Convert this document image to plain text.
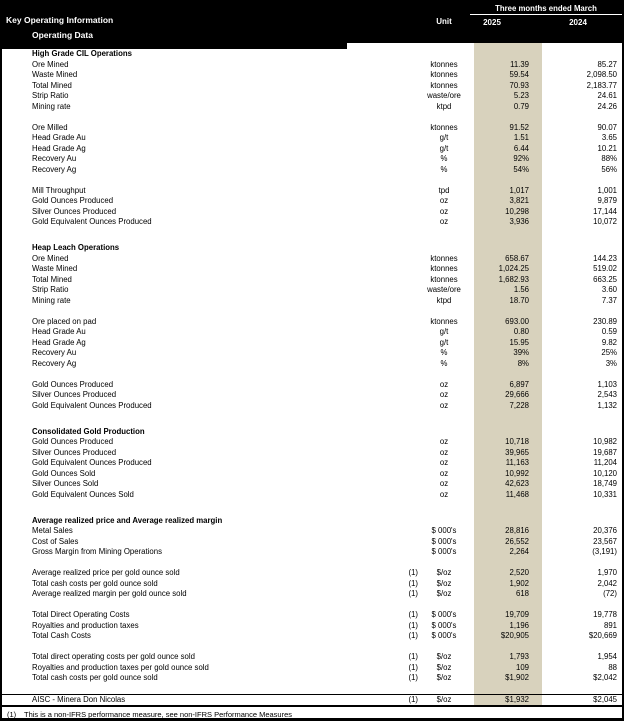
Key Operating Information
Three months ended March
Unit	2025	2024
Operating Data
High Grade CIL Operations
Ore Mined	ktonnes	11.39	85.27
Waste Mined	ktonnes	59.54	2,098.50
Total Mined	ktonnes	70.93	2,183.77
Strip Ratio	waste/ore	5.23	24.61
Mining rate	ktpd	0.79	24.26
Ore Milled	ktonnes	91.52	90.07
Head Grade Au	g/t	1.51	3.65
Head Grade Ag	g/t	6.44	10.21
Recovery Au	%	92%	88%
Recovery Ag	%	54%	56%
Mill Throughput	tpd	1,017	1,001
Gold Ounces Produced	oz	3,821	9,879
Silver Ounces Produced	oz	10,298	17,144
Gold Equivalent Ounces Produced	oz	3,936	10,072
Heap Leach Operations
Ore Mined	ktonnes	658.67	144.23
Waste Mined	ktonnes	1,024.25	519.02
Total Mined	ktonnes	1,682.93	663.25
Strip Ratio	waste/ore	1.56	3.60
Mining rate	ktpd	18.70	7.37
Ore placed on pad	ktonnes	693.00	230.89
Head Grade Au	g/t	0.80	0.59
Head Grade Ag	g/t	15.95	9.82
Recovery Au	%	39%	25%
Recovery Ag	%	8%	3%
Gold Ounces Produced	oz	6,897	1,103
Silver Ounces Produced	oz	29,666	2,543
Gold Equivalent Ounces Produced	oz	7,228	1,132
Consolidated Gold Production
Gold Ounces Produced	oz	10,718	10,982
Silver Ounces Produced	oz	39,965	19,687
Gold Equivalent Ounces Produced	oz	11,163	11,204
Gold Ounces Sold	oz	10,992	10,120
Silver Ounces Sold	oz	42,623	18,749
Gold Equivalent Ounces Sold	oz	11,468	10,331
Average realized price and Average realized margin
Metal Sales	$ 000's	28,816	20,376
Cost of Sales	$ 000's	26,552	23,567
Gross Margin from Mining Operations	$ 000's	2,264	(3,191)
Average realized price per gold ounce sold	(1)	$/oz	2,520	1,970
Total cash costs per gold ounce sold	(1)	$/oz	1,902	2,042
Average realized margin per gold ounce sold	(1)	$/oz	618	(72)
Total Direct Operating Costs	(1)	$ 000's	19,709	19,778
Royalties and production taxes	(1)	$ 000's	1,196	891
Total Cash Costs	(1)	$ 000's	$20,905	$20,669
Total direct operating costs per gold ounce sold	(1)	$/oz	1,793	1,954
Royalties and production taxes per gold ounce sold	(1)	$/oz	109	88
Total cash costs per gold ounce sold	(1)	$/oz	$1,902	$2,042
AISC - Minera Don Nicolas	(1)	$/oz	$1,932	$2,045
(1) This is a non-IFRS performance measure, see non-IFRS Performance Measures
